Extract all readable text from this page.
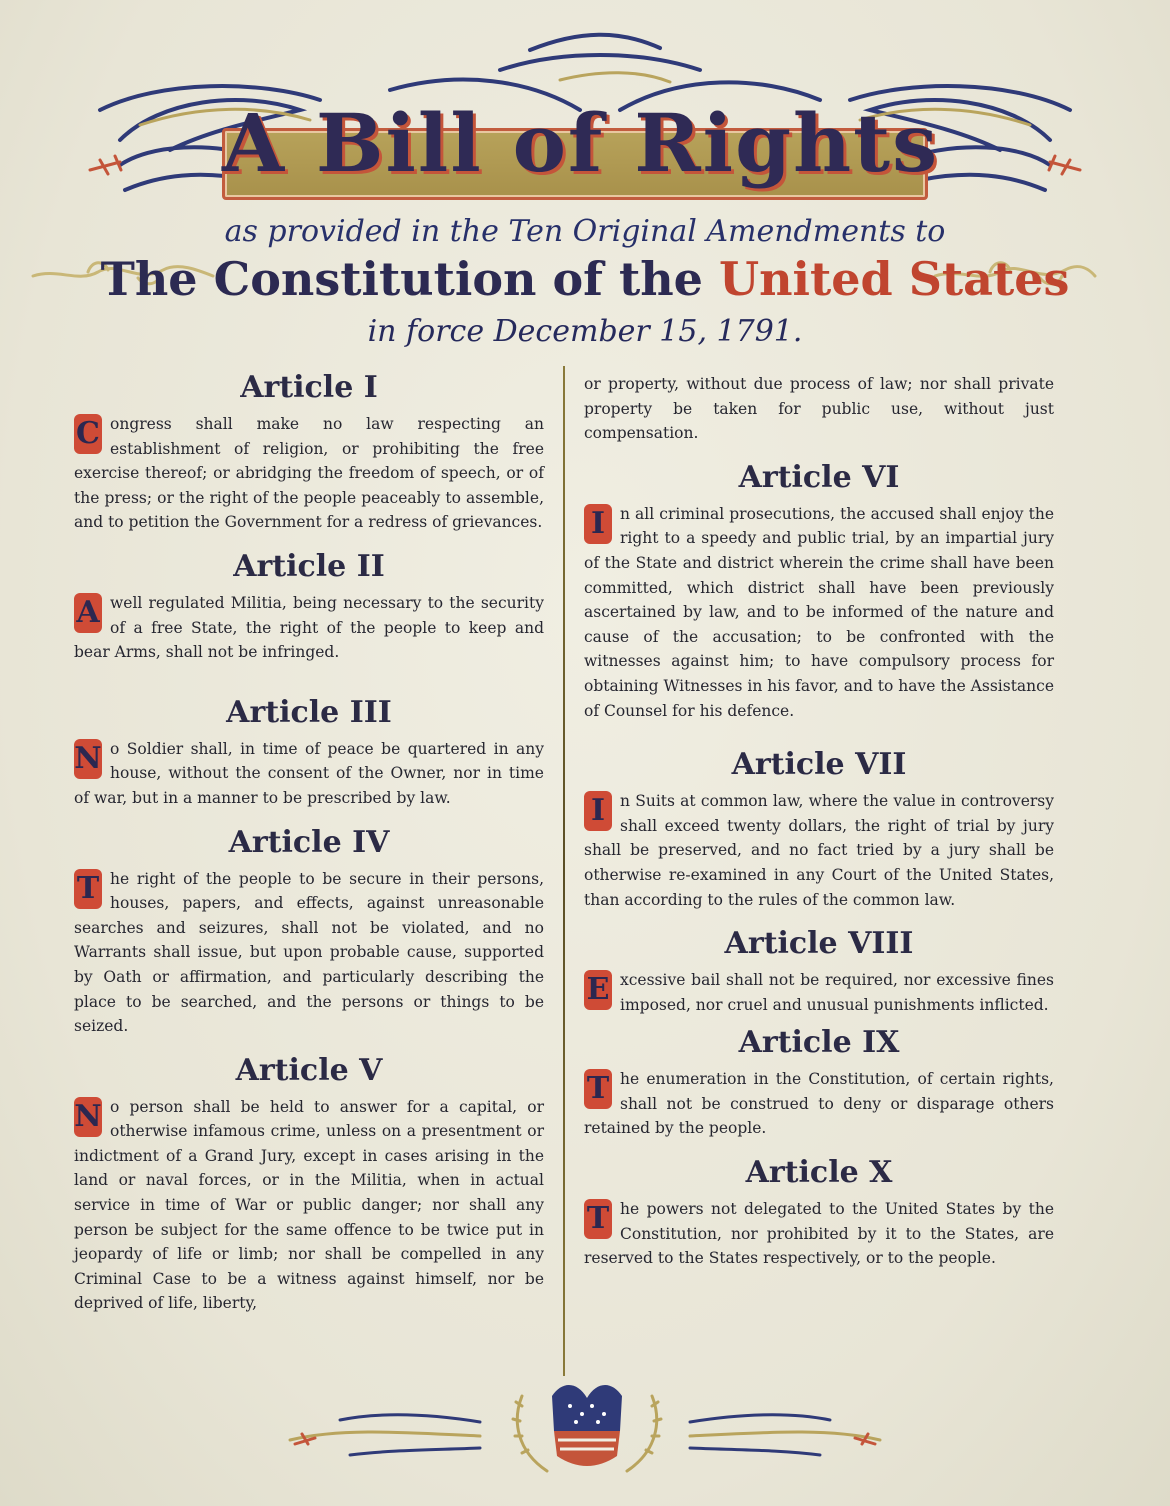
A Bill of Rights
as provided in the Ten Original Amendments to
The Constitution of the United States
in force December 15, 1791.
Article I

C ongress shall make no law respecting an establishment of religion, or prohibiting the free exercise thereof; or abridging the freedom of speech, or of the press; or the right of the people peaceably to assemble, and to petition the Government for a redress of grievances.

Article II

A well regulated Militia, being necessary to the security of a free State, the right of the people to keep and bear Arms, shall not be infringed.

Article III

N o Soldier shall, in time of peace be quartered in any house, without the consent of the Owner, nor in time of war, but in a manner to be prescribed by law.

Article IV

T he right of the people to be secure in their persons, houses, papers, and effects, against unreasonable searches and seizures, shall not be violated, and no Warrants shall issue, but upon probable cause, supported by Oath or affirmation, and particularly describing the place to be searched, and the persons or things to be seized.

Article V

N o person shall be held to answer for a capital, or otherwise infamous crime, unless on a presentment or indictment of a Grand Jury, except in cases arising in the land or naval forces, or in the Militia, when in actual service in time of War or public danger; nor shall any person be subject for the same offence to be twice put in jeopardy of life or limb; nor shall be compelled in any Criminal Case to be a witness against himself, nor be deprived of life, liberty,

or property, without due process of law; nor shall private property be taken for public use, without just compensation.

Article VI

I n all criminal prosecutions, the accused shall enjoy the right to a speedy and public trial, by an impartial jury of the State and district wherein the crime shall have been committed, which district shall have been previously ascertained by law, and to be informed of the nature and cause of the accusation; to be confronted with the witnesses against him; to have compulsory process for obtaining Witnesses in his favor, and to have the Assistance of Counsel for his defence.

Article VII

I n Suits at common law, where the value in controversy shall exceed twenty dollars, the right of trial by jury shall be preserved, and no fact tried by a jury shall be otherwise re-examined in any Court of the United States, than according to the rules of the common law.

Article VIII

E xcessive bail shall not be required, nor excessive fines imposed, nor cruel and unusual punishments inflicted.

Article IX

T he enumeration in the Constitution, of certain rights, shall not be construed to deny or disparage others retained by the people.

Article X

T he powers not delegated to the United States by the Constitution, nor prohibited by it to the States, are reserved to the States respectively, or to the people.
